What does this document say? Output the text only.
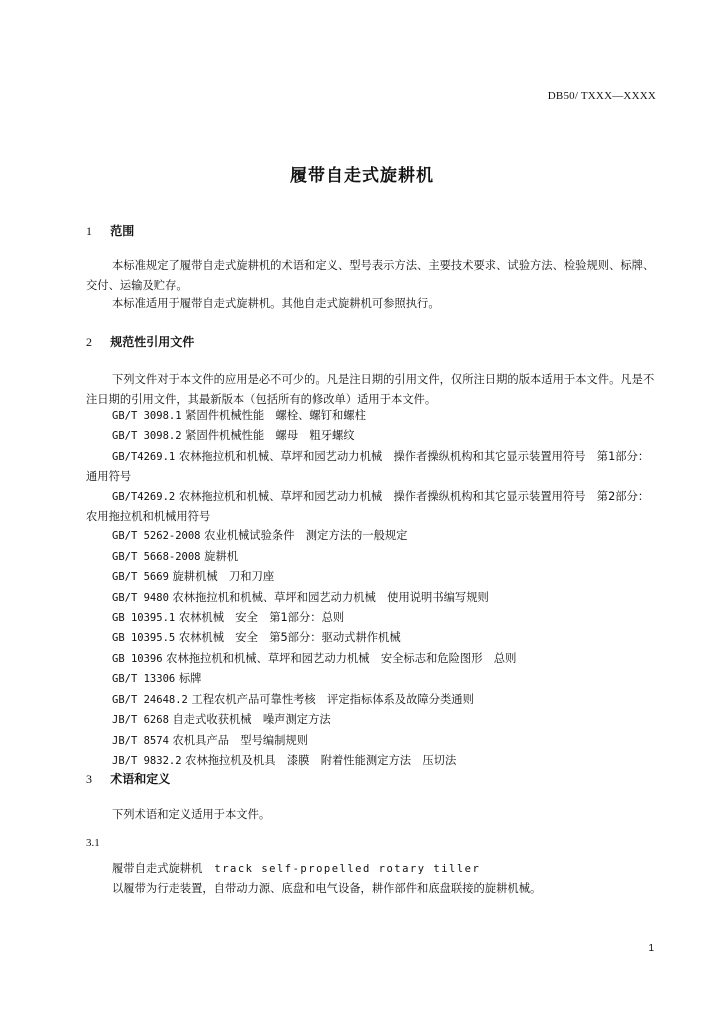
DB50/ TXXX—XXXX
履带自走式旋耕机
1 范围

本标准规定了履带自走式旋耕机的术语和定义、型号表示方法、主要技术要求、试验方法、检验规则、标牌、交付、运输及贮存。

本标准适用于履带自走式旋耕机。其他自走式旋耕机可参照执行。

2 规范性引用文件

下列文件对于本文件的应用是必不可少的。凡是注日期的引用文件，仅所注日期的版本适用于本文件。凡是不注日期的引用文件，其最新版本（包括所有的修改单）适用于本文件。

GB/T 3098.1 紧固件机械性能　螺栓、螺钉和螺柱
GB/T 3098.2 紧固件机械性能　螺母　粗牙螺纹
GB/T4269.1 农林拖拉机和机械、草坪和园艺动力机械　操作者操纵机构和其它显示装置用符号　第1部分：通用符号
GB/T4269.2 农林拖拉机和机械、草坪和园艺动力机械　操作者操纵机构和其它显示装置用符号　第2部分：农用拖拉机和机械用符号
GB/T 5262-2008 农业机械试验条件　测定方法的一般规定
GB/T 5668-2008 旋耕机
GB/T 5669 旋耕机械　刀和刀座
GB/T 9480 农林拖拉机和机械、草坪和园艺动力机械　使用说明书编写规则
GB 10395.1 农林机械　安全　第1部分：总则
GB 10395.5 农林机械　安全　第5部分：驱动式耕作机械
GB 10396 农林拖拉机和机械、草坪和园艺动力机械　安全标志和危险图形　总则
GB/T 13306 标牌
GB/T 24648.2 工程农机产品可靠性考核　评定指标体系及故障分类通则
JB/T 6268 自走式收获机械　噪声测定方法
JB/T 8574 农机具产品　型号编制规则
JB/T 9832.2 农林拖拉机及机具　漆膜　附着性能测定方法　压切法
3 术语和定义

下列术语和定义适用于本文件。

3.1
履带自走式旋耕机 track self-propelled rotary tiller
以履带为行走装置，自带动力源、底盘和电气设备，耕作部件和底盘联接的旋耕机械。
1
